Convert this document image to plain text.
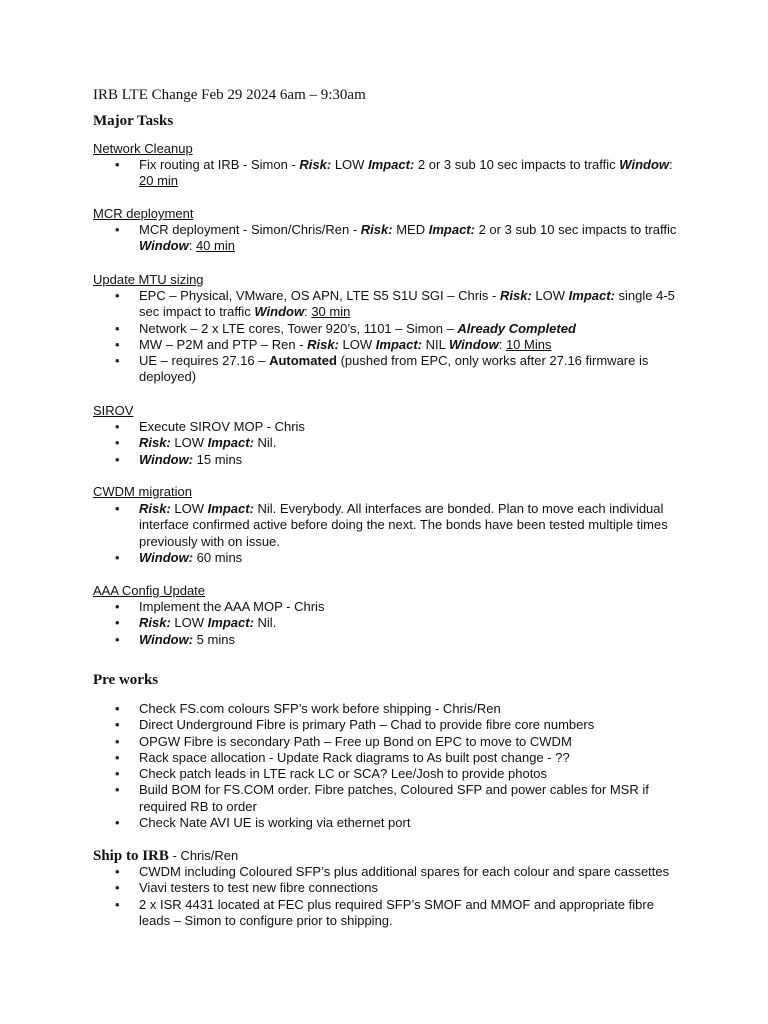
IRB LTE Change Feb 29 2024 6am – 9:30am
Major Tasks
Network Cleanup
• Fix routing at IRB - Simon - Risk: LOW Impact: 2 or 3 sub 10 sec impacts to traffic Window:
20 min
MCR deployment
• MCR deployment - Simon/Chris/Ren - Risk: MED Impact: 2 or 3 sub 10 sec impacts to traffic
Window: 40 min
Update MTU sizing
• EPC – Physical, VMware, OS APN, LTE S5 S1U SGI – Chris - Risk: LOW Impact: single 4-5 sec impact to traffic Window: 30 min
• Network – 2 x LTE cores, Tower 920’s, 1101 – Simon – Already Completed
• MW – P2M and PTP – Ren - Risk: LOW Impact: NIL Window: 10 Mins
• UE – requires 27.16 – Automated (pushed from EPC, only works after 27.16 firmware is deployed)
SIROV
• Execute SIROV MOP - Chris
• Risk: LOW Impact: Nil.
• Window: 15 mins
CWDM migration
• Risk: LOW Impact: Nil. Everybody. All interfaces are bonded. Plan to move each individual interface confirmed active before doing the next. The bonds have been tested multiple times previously with on issue.
• Window: 60 mins
AAA Config Update
• Implement the AAA MOP - Chris
• Risk: LOW Impact: Nil.
• Window: 5 mins
Pre works
• Check FS.com colours SFP’s work before shipping - Chris/Ren
• Direct Underground Fibre is primary Path – Chad to provide fibre core numbers
• OPGW Fibre is secondary Path – Free up Bond on EPC to move to CWDM
• Rack space allocation - Update Rack diagrams to As built post change - ??
• Check patch leads in LTE rack LC or SCA? Lee/Josh to provide photos
• Build BOM for FS.COM order. Fibre patches, Coloured SFP and power cables for MSR if required RB to order
• Check Nate AVI UE is working via ethernet port
Ship to IRB - Chris/Ren
• CWDM including Coloured SFP’s plus additional spares for each colour and spare cassettes
• Viavi testers to test new fibre connections
• 2 x ISR 4431 located at FEC plus required SFP’s SMOF and MMOF and appropriate fibre leads – Simon to configure prior to shipping.
